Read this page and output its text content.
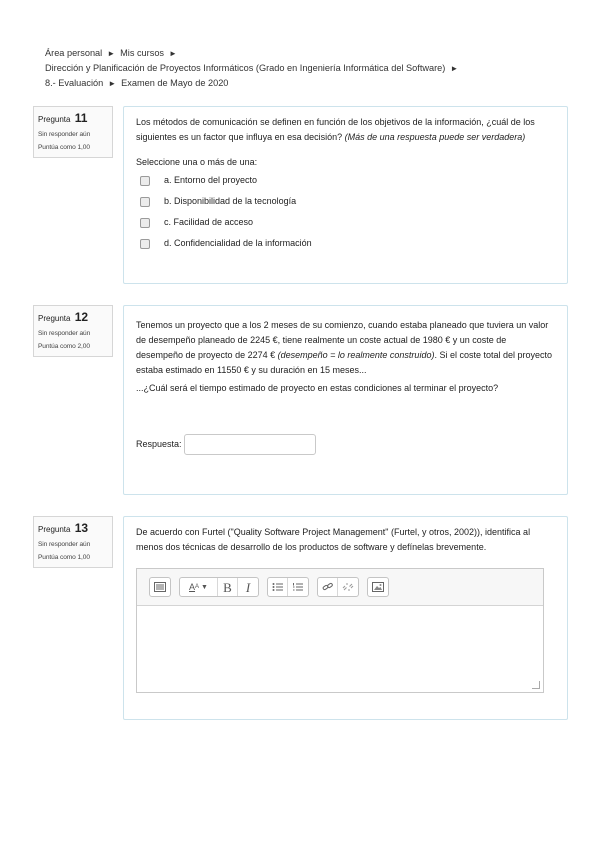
Área personal ► Mis cursos ►
Dirección y Planificación de Proyectos Informáticos (Grado en Ingeniería Informática del Software) ►
8.- Evaluación ► Examen de Mayo de 2020
Pregunta 11
Sin responder aún
Puntúa como 1,00
Los métodos de comunicación se definen en función de los objetivos de la información, ¿cuál de los siguientes es un factor que influya en esa decisión? (Más de una respuesta puede ser verdadera)
Seleccione una o más de una:
a. Entorno del proyecto
b. Disponibilidad de la tecnología
c. Facilidad de acceso
d. Confidencialidad de la información
Pregunta 12
Sin responder aún
Puntúa como 2,00
Tenemos un proyecto que a los 2 meses de su comienzo, cuando estaba planeado que tuviera un valor de desempeño planeado de 2245 €, tiene realmente un coste actual de 1980 € y un coste de desempeño de proyecto de 2274 € (desempeño = lo realmente construido). Si el coste total del proyecto estaba estimado en 11550 € y su duración en 15 meses...
...¿Cuál será el tiempo estimado de proyecto en estas condiciones al terminar el proyecto?
Respuesta:
Pregunta 13
Sin responder aún
Puntúa como 1,00
De acuerdo con Furtel ("Quality Software Project Management" (Furtel, y otros, 2002)), identifica al menos dos técnicas de desarrollo de los productos de software y defínelas brevemente.
A A ▼	B	I
